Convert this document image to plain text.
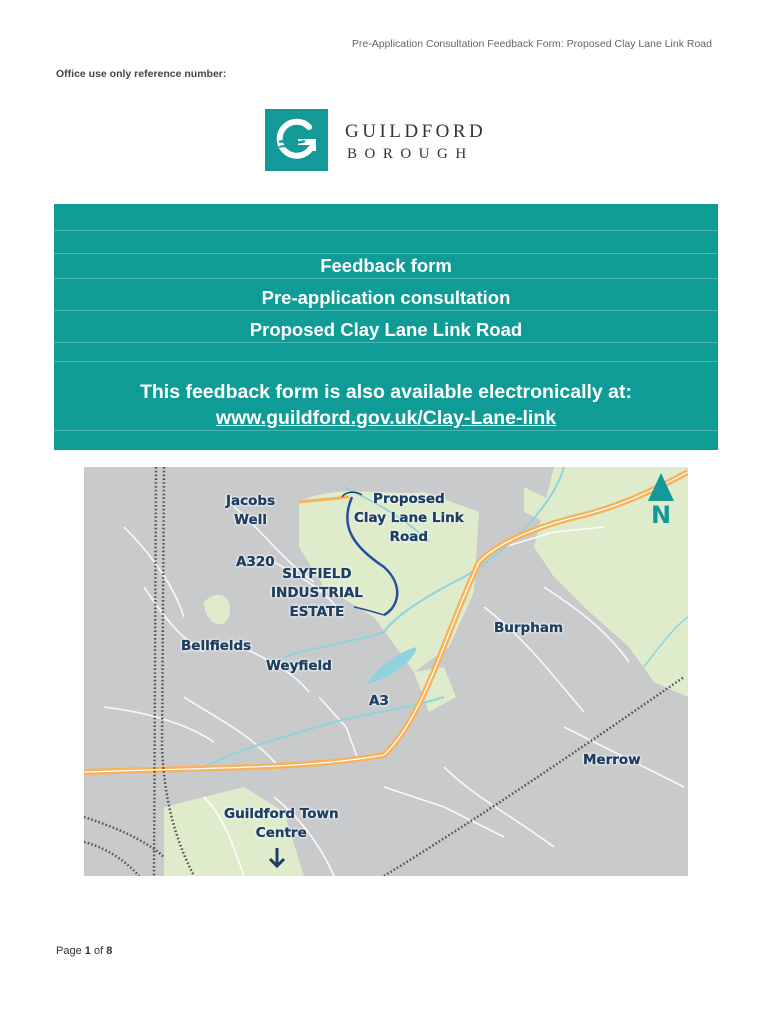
Pre-Application Consultation Feedback Form: Proposed Clay Lane Link Road
Office use only reference number:
GUILDFORD
BOROUGH
Feedback form
Pre-application consultation
Proposed Clay Lane Link Road
This feedback form is also available electronically at:
www.guildford.gov.uk/Clay-Lane-link
Jacobs
Well
Proposed
Clay Lane Link
Road
A320
SLYFIELD
INDUSTRIAL
ESTATE
Burpham
Bellfields
Weyfield
A3
Merrow
Guildford Town
Centre
N
Page 1 of 8
